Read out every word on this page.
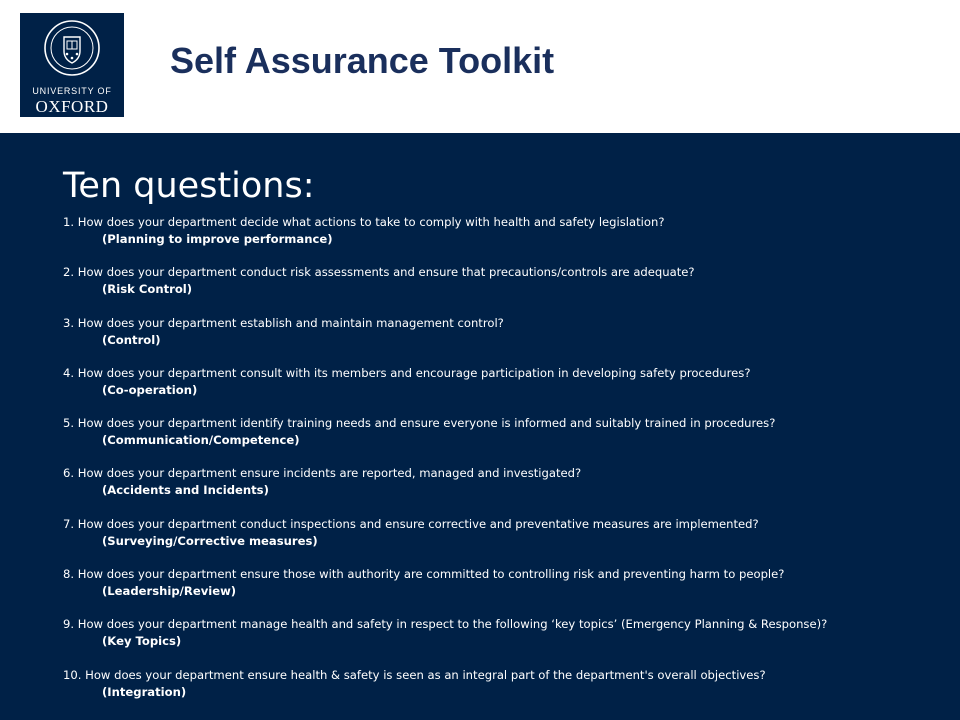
UNIVERSITY OF
OXFORD
Self Assurance Toolkit
Ten questions:
1. How does your department decide what actions to take to comply with health and safety legislation?
(Planning to improve performance)
2. How does your department conduct risk assessments and ensure that precautions/controls are adequate?
(Risk Control)
3. How does your department establish and maintain management control?
(Control)
4. How does your department consult with its members and encourage participation in developing safety procedures?
(Co-operation)
5. How does your department identify training needs and ensure everyone is informed and suitably trained in procedures?
(Communication/Competence)
6. How does your department ensure incidents are reported, managed and investigated?
(Accidents and Incidents)
7. How does your department conduct inspections and ensure corrective and preventative measures are implemented?
(Surveying/Corrective measures)
8. How does your department ensure those with authority are committed to controlling risk and preventing harm to people?
(Leadership/Review)
9. How does your department manage health and safety in respect to the following ‘key topics’ (Emergency Planning & Response)?
(Key Topics)
10. How does your department ensure health & safety is seen as an integral part of the department's overall objectives?
(Integration)
